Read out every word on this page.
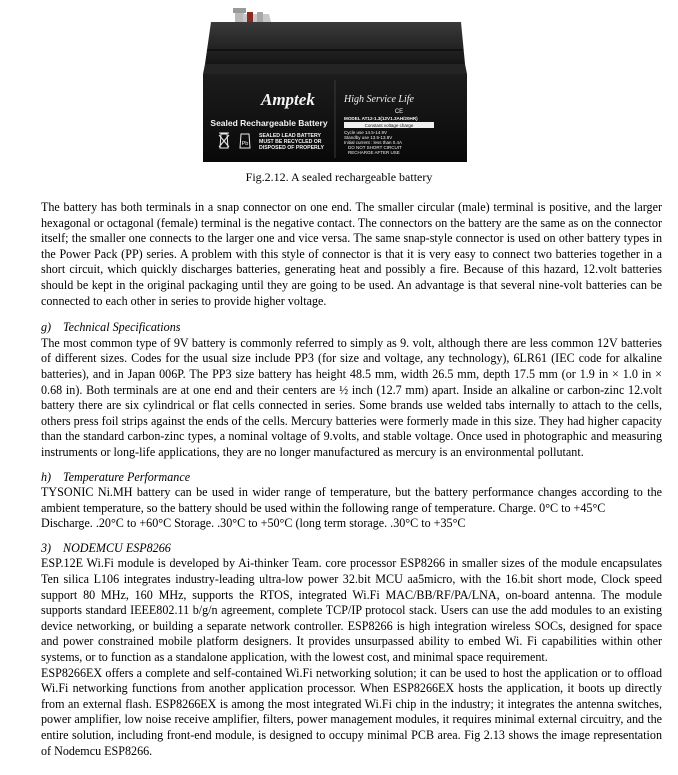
Amptek
Sealed Rechargeable Battery
Pb
SEALED LEAD BATTERY
MUST BE RECYCLED OR
DISPOSED OF PROPERLY
High Service Life
CE
MODEL AT12-1.3(12V1.3AH/20HR)
Constant voltage charge
Cycle use 14.5-14.9V
Standby use 13.5-13.8V
Initial current : less than 0.4A
DO NOT SHORT CIRCUIT
RECHARGE AFTER USE
Fig.2.12. A sealed rechargeable battery

The battery has both terminals in a snap connector on one end. The smaller circular (male) terminal is positive, and the larger hexagonal or octagonal (female) terminal is the negative contact. The connectors on the battery are the same as on the connector itself; the smaller one connects to the larger one and vice versa. The same snap-style connector is used on other battery types in the Power Pack (PP) series. A problem with this style of connector is that it is very easy to connect two batteries together in a short circuit, which quickly discharges batteries, generating heat and possibly a fire. Because of this hazard, 12.volt batteries should be kept in the original packaging until they are going to be used. An advantage is that several nine-volt batteries can be connected to each other in series to provide higher voltage.

g) Technical Specifications

The most common type of 9V battery is commonly referred to simply as 9. volt, although there are less common 12V batteries of different sizes. Codes for the usual size include PP3 (for size and voltage, any technology), 6LR61 (IEC code for alkaline batteries), and in Japan 006P. The PP3 size battery has height 48.5 mm, width 26.5 mm, depth 17.5 mm (or 1.9 in × 1.0 in × 0.68 in). Both terminals are at one end and their centers are ½ inch (12.7 mm) apart. Inside an alkaline or carbon-zinc 12.volt battery there are six cylindrical or flat cells connected in series. Some brands use welded tabs internally to attach to the cells, others press foil strips against the ends of the cells. Mercury batteries were formerly made in this size. They had higher capacity than the standard carbon-zinc types, a nominal voltage of 9.volts, and stable voltage. Once used in photographic and measuring instruments or long-life applications, they are no longer manufactured as mercury is an environmental pollutant.

h) Temperature Performance

TYSONIC Ni.MH battery can be used in wider range of temperature, but the battery performance changes according to the ambient temperature, so the battery should be used within the following range of temperature. Charge. 0°C to +45°C

Discharge. .20°C to +60°C Storage. .30°C to +50°C (long term storage. .30°C to +35°C

3) NODEMCU ESP8266

ESP.12E Wi.Fi module is developed by Ai-thinker Team. core processor ESP8266 in smaller sizes of the module encapsulates Ten silica L106 integrates industry-leading ultra-low power 32.bit MCU aa5micro, with the 16.bit short mode, Clock speed support 80 MHz, 160 MHz, supports the RTOS, integrated Wi.Fi MAC/BB/RF/PA/LNA, on-board antenna. The module supports standard IEEE802.11 b/g/n agreement, complete TCP/IP protocol stack. Users can use the add modules to an existing device networking, or building a separate network controller. ESP8266 is high integration wireless SOCs, designed for space and power constrained mobile platform designers. It provides unsurpassed ability to embed Wi. Fi capabilities within other systems, or to function as a standalone application, with the lowest cost, and minimal space requirement.

ESP8266EX offers a complete and self-contained Wi.Fi networking solution; it can be used to host the application or to offload Wi.Fi networking functions from another application processor. When ESP8266EX hosts the application, it boots up directly from an external flash. ESP8266EX is among the most integrated Wi.Fi chip in the industry; it integrates the antenna switches, power amplifier, low noise receive amplifier, filters, power management modules, it requires minimal external circuitry, and the entire solution, including front-end module, is designed to occupy minimal PCB area. Fig 2.13 shows the image representation of Nodemcu ESP8266.
